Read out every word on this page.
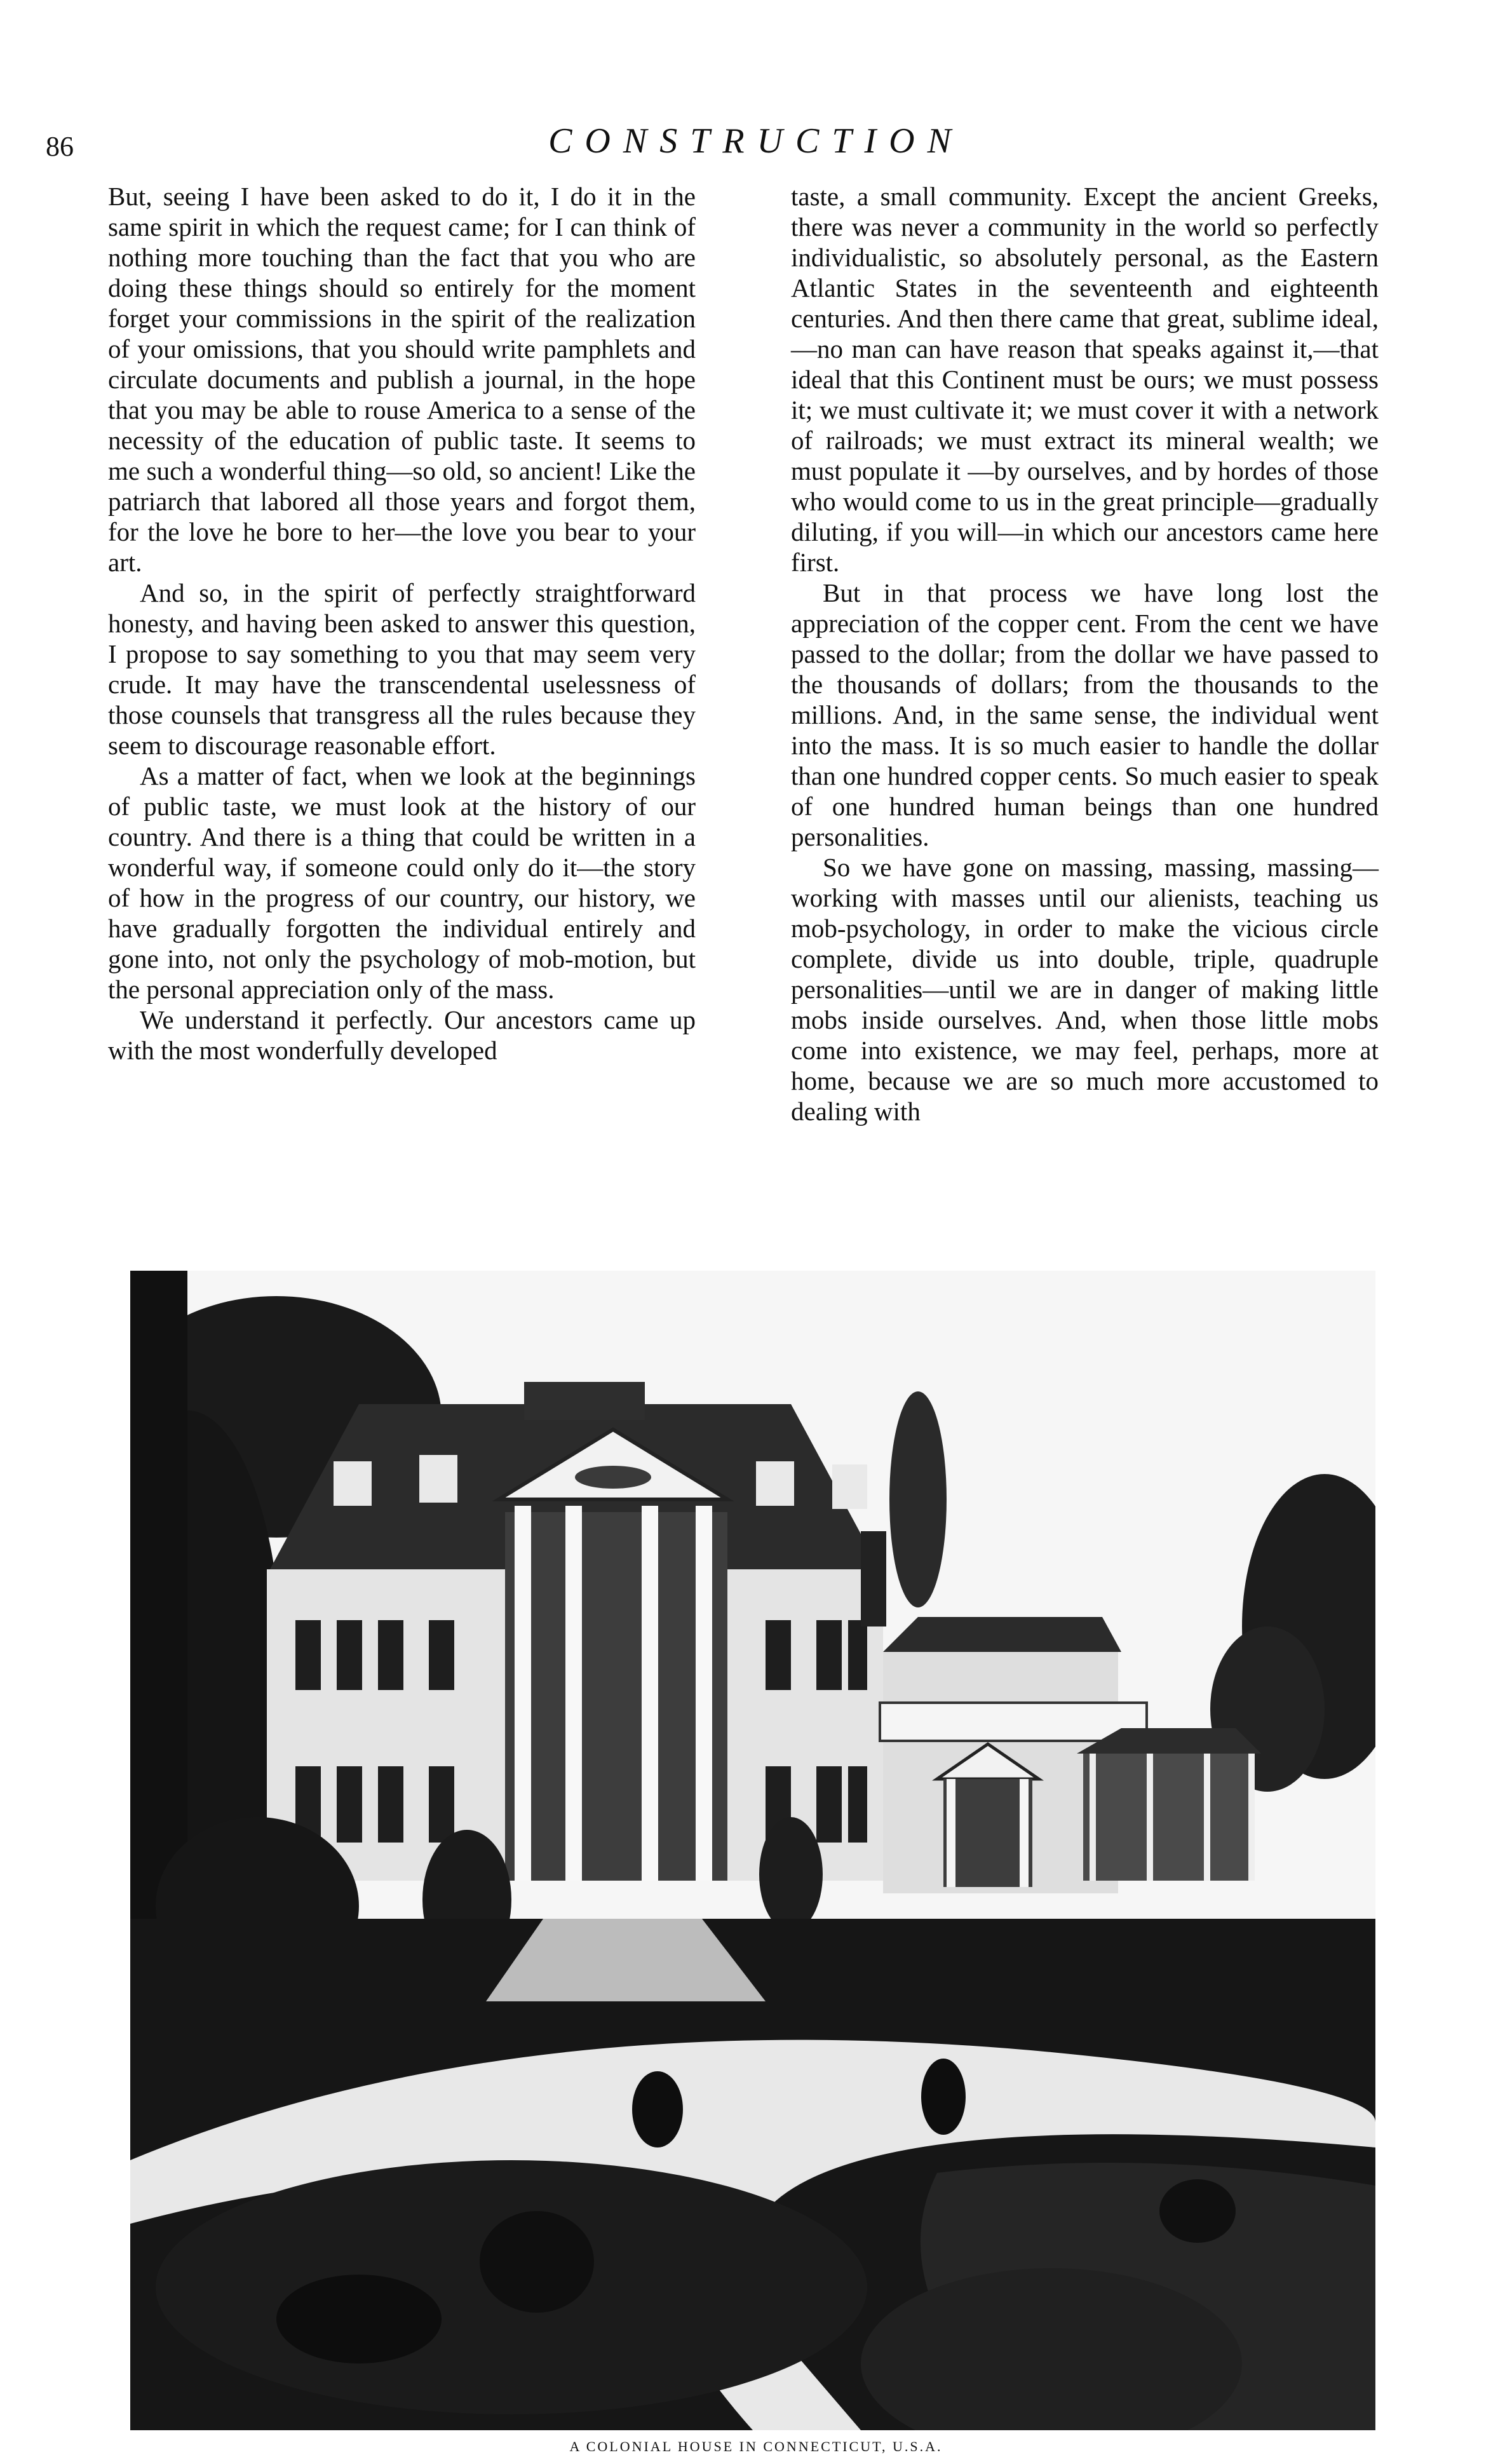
86	CONSTRUCTION

But, seeing I have been asked to do it, I do it in the same spirit in which the request came; for I can think of nothing more touching than the fact that you who are doing these things should so entirely for the moment forget your commissions in the spirit of the realization of your omissions, that you should write pamphlets and circulate documents and publish a journal, in the hope that you may be able to rouse America to a sense of the necessity of the education of public taste. It seems to me such a wonderful thing—so old, so ancient! Like the patriarch that labored all those years and forgot them, for the love he bore to her—the love you bear to your art.

And so, in the spirit of perfectly straightforward honesty, and having been asked to answer this question, I propose to say something to you that may seem very crude. It may have the transcendental uselessness of those counsels that transgress all the rules because they seem to discourage reasonable effort.

As a matter of fact, when we look at the beginnings of public taste, we must look at the history of our country. And there is a thing that could be written in a wonderful way, if someone could only do it—the story of how in the progress of our country, our history, we have gradually forgotten the individual entirely and gone into, not only the psychology of mob-motion, but the personal appreciation only of the mass.

We understand it perfectly. Our ancestors came up with the most wonderfully developed

taste, a small community. Except the ancient Greeks, there was never a community in the world so perfectly individualistic, so absolutely personal, as the Eastern Atlantic States in the seventeenth and eighteenth centuries. And then there came that great, sublime ideal,—no man can have reason that speaks against it,—that ideal that this Continent must be ours; we must possess it; we must cultivate it; we must cover it with a network of railroads; we must extract its mineral wealth; we must populate it —by ourselves, and by hordes of those who would come to us in the great principle—gradually diluting, if you will—in which our ancestors came here first.

But in that process we have long lost the appreciation of the copper cent. From the cent we have passed to the dollar; from the dollar we have passed to the thousands of dollars; from the thousands to the millions. And, in the same sense, the individual went into the mass. It is so much easier to handle the dollar than one hundred copper cents. So much easier to speak of one hundred human beings than one hundred personalities.

So we have gone on massing, massing, massing—working with masses until our alienists, teaching us mob-psychology, in order to make the vicious circle complete, divide us into double, triple, quadruple personalities—until we are in danger of making little mobs inside ourselves. And, when those little mobs come into existence, we may feel, perhaps, more at home, because we are so much more accustomed to dealing with

A COLONIAL HOUSE IN CONNECTICUT, U.S.A.
